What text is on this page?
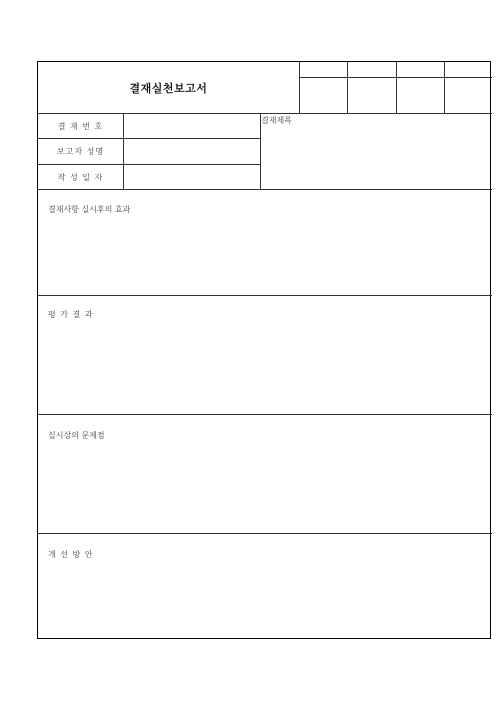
결재실천보고서
결 재 번 호
보고자 성명
작 성 일 자
결재제목
결재사항 실시후의 효과
평 가 결 과
실시상의 문제점
개 선 방 안
